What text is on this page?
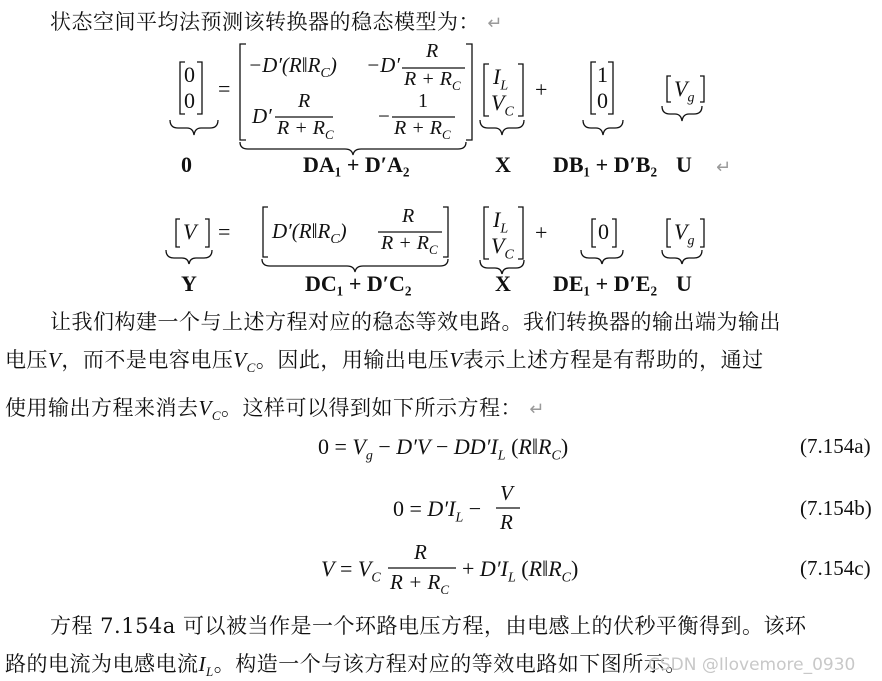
状态空间平均法预测该转换器的稳态模型为： ↵
0
0 =
$-D'(R‖R_C) -D'$
R
$R + R_C$
D′
R
$R + R_C$
−
1
$R + R_C$
$I_L$
$V_C$
+
1
0	$V_g$
0	DA₁ + D′A₂	X DB₁ + D′B₂ U ↵
$V = D'(R‖R_C)$
R
$R + R_C$
$I_L$
$V_C$
+ 0	$V_g$
Y	DC₁ + D′C₂	X DE₁ + D′E₂ U
让我们构建一个与上述方程对应的稳态等效电路。我们转换器的输出端为输出
电压V，而不是电容电压$V_C$。因此，用输出电压V表示上述方程是有帮助的，通过
使用输出方程来消去$V_C$。这样可以得到如下所示方程： ↵
$0 = V_g - D'V - DD'I_L$ $(R‖R_C)$	(7.154a)
$0 = D'I_L$ −
V
R
(7.154b)
$V = V_C$
R
$R + R_C$
+ $D'I_L$ $(R‖R_C)$	(7.154c)
方程 7.154a 可以被当作是一个环路电压方程，由电感上的伏秒平衡得到。该环
路的电流为电感电流$I_L$。构造一个与该方程对应的等效电路如下图所示。
CSDN @Ilovemore_0930
